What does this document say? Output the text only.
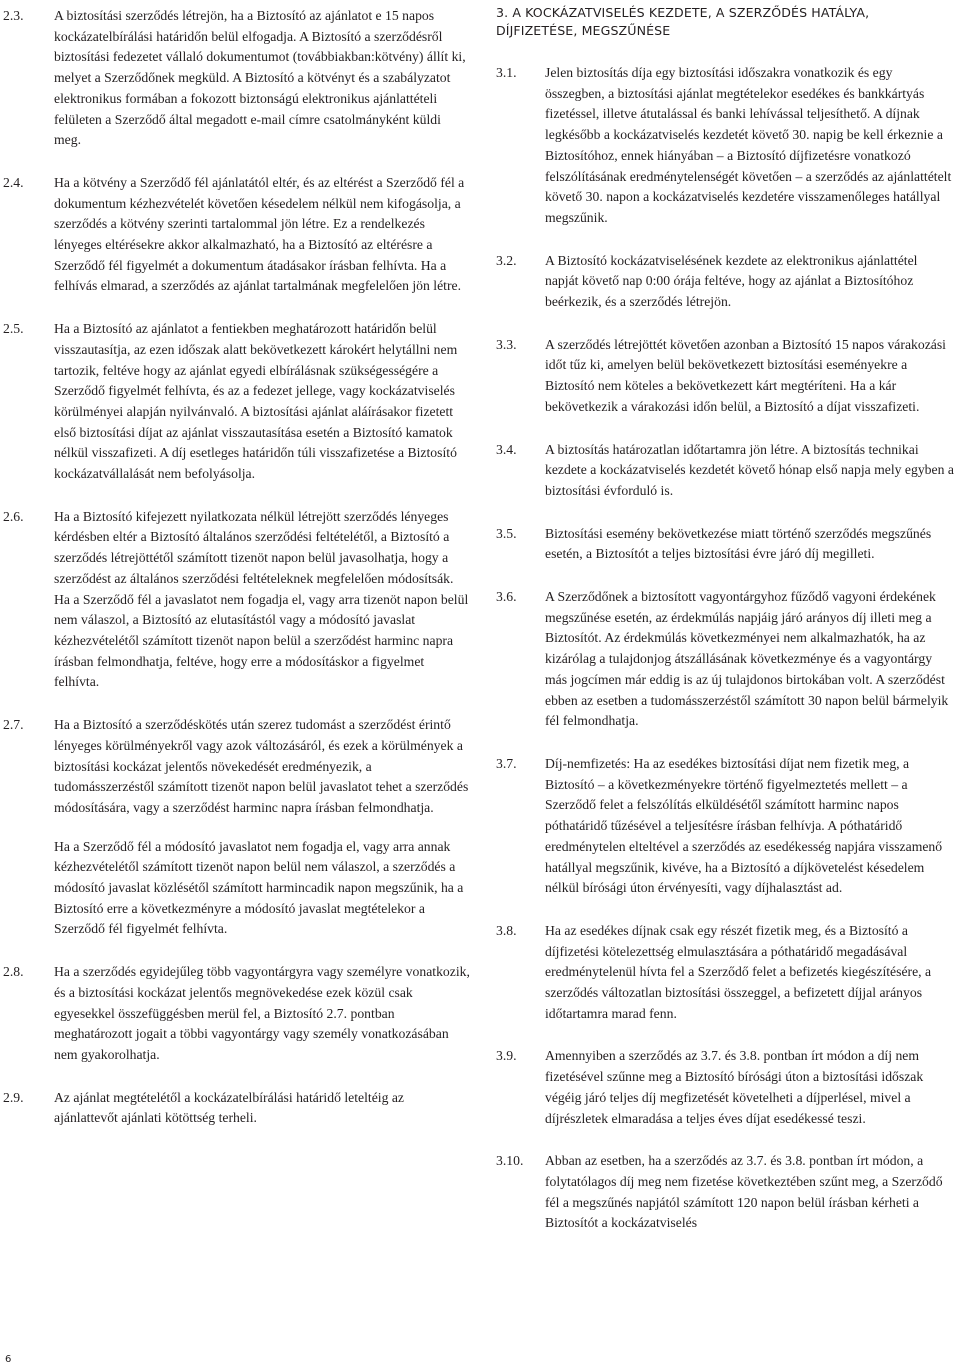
2.3. A biztosítási szerződés létrejön, ha a Biztosító az ajánlatot e 15 napos kockázatelbírálási határidőn belül elfogadja. A Biztosító a szerződésről biztosítási fedezetet vállaló dokumentumot (továbbiakban:kötvény) állít ki, melyet a Szerződőnek megküld. A Biztosító a kötvényt és a szabályzatot elektronikus formában a fokozott biztonságú elektronikus ajánlattételi felületen a Szerződő által megadott e-mail címre csatolmányként küldi meg.

2.4. Ha a kötvény a Szerződő fél ajánlatától eltér, és az eltérést a Szerződő fél a dokumentum kézhezvételét követően késedelem nélkül nem kifogásolja, a szerződés a kötvény szerinti tartalommal jön létre. Ez a rendelkezés lényeges eltérésekre akkor alkalmazható, ha a Biztosító az eltérésre a Szerződő fél figyelmét a dokumentum átadásakor írásban felhívta. Ha a felhívás elmarad, a szerződés az ajánlat tartalmának megfelelően jön létre.

2.5. Ha a Biztosító az ajánlatot a fentiekben meghatározott határidőn belül visszautasítja, az ezen időszak alatt bekövetkezett károkért helytállni nem tartozik, feltéve hogy az ajánlat egyedi elbírálásnak szükségességére a Szerződő figyelmét felhívta, és az a fedezet jellege, vagy kockázatviselés körülményei alapján nyilvánvaló. A biztosítási ajánlat aláírásakor fizetett első biztosítási díjat az ajánlat visszautasítása esetén a Biztosító kamatok nélkül visszafizeti. A díj esetleges határidőn túli visszafizetése a Biztosító kockázatvállalását nem befolyásolja.

2.6. Ha a Biztosító kifejezett nyilatkozata nélkül létrejött szerződés lényeges kérdésben eltér a Biztosító általános szerződési feltételétől, a Biztosító a szerződés létrejöttétől számított tizenöt napon belül javasolhatja, hogy a szerződést az általános szerződési feltételeknek megfelelően módosítsák. Ha a Szerződő fél a javaslatot nem fogadja el, vagy arra tizenöt napon belül nem válaszol, a Biztosító az elutasítástól vagy a módosító javaslat kézhezvételétől számított tizenöt napon belül a szerződést harminc napra írásban felmondhatja, feltéve, hogy erre a módosításkor a figyelmet felhívta.

2.7. Ha a Biztosító a szerződéskötés után szerez tudomást a szerződést érintő lényeges körülményekről vagy azok változásáról, és ezek a körülmények a biztosítási kockázat jelentős növekedését eredményezik, a tudomásszerzéstől számított tizenöt napon belül javaslatot tehet a szerződés módosítására, vagy a szerződést harminc napra írásban felmondhatja.

Ha a Szerződő fél a módosító javaslatot nem fogadja el, vagy arra annak kézhezvételétől számított tizenöt napon belül nem válaszol, a szerződés a módosító javaslat közlésétől számított harmincadik napon megszűnik, ha a Biztosító erre a következményre a módosító javaslat megtételekor a Szerződő fél figyelmét felhívta.

2.8. Ha a szerződés egyidejűleg több vagyontárgyra vagy személyre vonatkozik, és a biztosítási kockázat jelentős megnövekedése ezek közül csak egyesekkel összefüggésben merül fel, a Biztosító 2.7. pontban meghatározott jogait a többi vagyontárgy vagy személy vonatkozásában nem gyakorolhatja.

2.9. Az ajánlat megtételétől a kockázatelbírálási határidő leteltéig az ajánlattevőt ajánlati kötöttség terheli.

3. A KOCKÁZATVISELÉS KEZDETE, A SZERZŐDÉS HATÁLYA, DÍJFIZETÉSE, MEGSZŰNÉSE
3.1. Jelen biztosítás díja egy biztosítási időszakra vonatkozik és egy összegben, a biztosítási ajánlat megtételekor esedékes és bankkártyás fizetéssel, illetve átutalással és banki lehívással teljesíthető. A díjnak legkésőbb a kockázatviselés kezdetét követő 30. napig be kell érkeznie a Biztosítóhoz, ennek hiányában – a Biztosító díjfizetésre vonatkozó felszólításának eredménytelenségét követően – a szerződés az ajánlattételt követő 30. napon a kockázatviselés kezdetére visszamenőleges hatállyal megszűnik.

3.2. A Biztosító kockázatviselésének kezdete az elektronikus ajánlattétel napját követő nap 0:00 órája feltéve, hogy az ajánlat a Biztosítóhoz beérkezik, és a szerződés létrejön.

3.3. A szerződés létrejöttét követően azonban a Biztosító 15 napos várakozási időt tűz ki, amelyen belül bekövetkezett biztosítási eseményekre a Biztosító nem köteles a bekövetkezett kárt megtéríteni. Ha a kár bekövetkezik a várakozási időn belül, a Biztosító a díjat visszafizeti.

3.4. A biztosítás határozatlan időtartamra jön létre. A biztosítás technikai kezdete a kockázatviselés kezdetét követő hónap első napja mely egyben a biztosítási évforduló is.

3.5. Biztosítási esemény bekövetkezése miatt történő szerződés megszűnés esetén, a Biztosítót a teljes biztosítási évre járó díj megilleti.

3.6. A Szerződőnek a biztosított vagyontárgyhoz fűződő vagyoni érdekének megszűnése esetén, az érdekmúlás napjáig járó arányos díj illeti meg a Biztosítót. Az érdekmúlás következményei nem alkalmazhatók, ha az kizárólag a tulajdonjog átszállásának következménye és a vagyontárgy más jogcímen már eddig is az új tulajdonos birtokában volt. A szerződést ebben az esetben a tudomásszerzéstől számított 30 napon belül bármelyik fél felmondhatja.

3.7. Díj-nemfizetés: Ha az esedékes biztosítási díjat nem fizetik meg, a Biztosító – a következményekre történő figyelmeztetés mellett – a Szerződő felet a felszólítás elküldésétől számított harminc napos póthatáridő tűzésével a teljesítésre írásban felhívja. A póthatáridő eredménytelen elteltével a szerződés az esedékesség napjára visszamenő hatállyal megszűnik, kivéve, ha a Biztosító a díjkövetelést késedelem nélkül bírósági úton érvényesíti, vagy díjhalasztást ad.

3.8. Ha az esedékes díjnak csak egy részét fizetik meg, és a Biztosító a díjfizetési kötelezettség elmulasztására a póthatáridő megadásával eredménytelenül hívta fel a Szerződő felet a befizetés kiegészítésére, a szerződés változatlan biztosítási összeggel, a befizetett díjjal arányos időtartamra marad fenn.

3.9. Amennyiben a szerződés az 3.7. és 3.8. pontban írt módon a díj nem fizetésével szűnne meg a Biztosító bírósági úton a biztosítási időszak végéig járó teljes díj megfizetését követelheti a díjperlésel, mivel a díjrészletek elmaradása a teljes éves díjat esedékessé teszi.

3.10. Abban az esetben, ha a szerződés az 3.7. és 3.8. pontban írt módon, a folytatólagos díj meg nem fizetése következtében szűnt meg, a Szerződő fél a megszűnés napjától számított 120 napon belül írásban kérheti a Biztosítót a kockázatviselés

6
